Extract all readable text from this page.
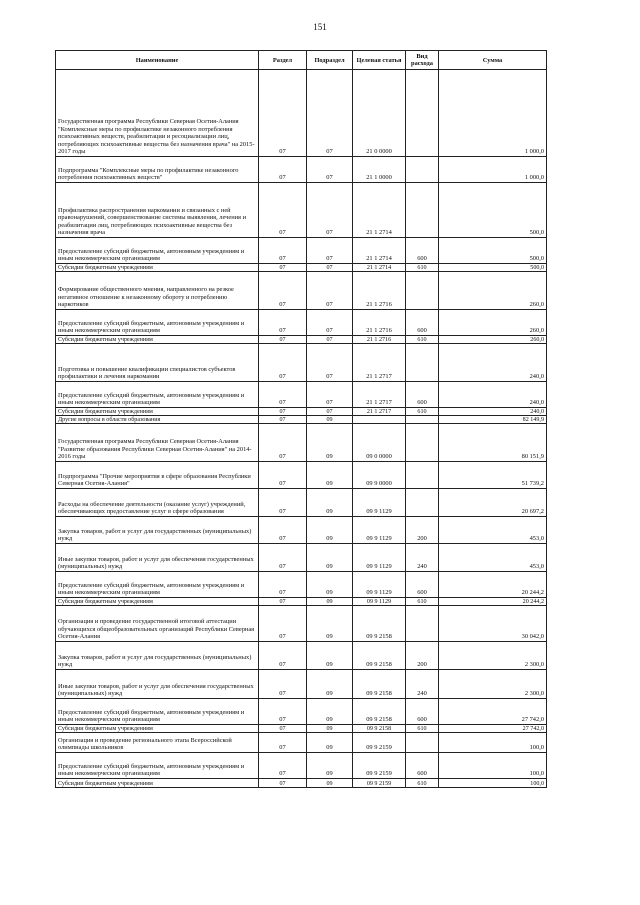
151
Наименование	Раздел	Подраздел	Целевая статья	Вид расхода	Сумма
Государственная программа Республики Северная Осетия-Алания "Комплексные меры по профилактике незаконного потребления психоактивных веществ, реабилитации и ресоциализации лиц, потребляющих психоактивные вещества без назначения врача" на 2015-2017 годы	07	07	21 0 0000		1 000,0
Подпрограмма "Комплексные меры по профилактике незаконного потребления психоактивных веществ"	07	07	21 1 0000		1 000,0
Профилактика распространения наркомании и связанных с ней правонарушений, совершенствование системы выявления, лечения и реабилитации лиц, потребляющих психоактивные вещества без назначения врача	07	07	21 1 2714		500,0
Предоставление субсидий бюджетным, автономным учреждениям и иным некоммерческим организациям	07	07	21 1 2714	600	500,0
Субсидии бюджетным учреждениям	07	07	21 1 2714	610	500,0
Формирование общественного мнения, направленного на резкое негативное отношение к незаконному обороту и потреблению наркотиков	07	07	21 1 2716		260,0
Предоставление субсидий бюджетным, автономным учреждениям и иным некоммерческим организациям	07	07	21 1 2716	600	260,0
Субсидии бюджетным учреждениям	07	07	21 1 2716	610	260,0
Подготовка и повышение квалификации специалистов субъектов профилактики и лечения наркомании	07	07	21 1 2717		240,0
Предоставление субсидий бюджетным, автономным учреждениям и иным некоммерческим организациям	07	07	21 1 2717	600	240,0
Субсидии бюджетным учреждениям	07	07	21 1 2717	610	240,0
Другие вопросы в области образования	07	09			82 149,9
Государственная программа Республики Северная Осетия-Алания "Развитие образования Республики Северная Осетия-Алания" на 2014-2016 годы	07	09	09 0 0000		80 151,9
Подпрограмма "Прочие мероприятия в сфере образования Республики Северная Осетия-Алания"	07	09	09 9 0000		51 739,2
Расходы на обеспечение деятельности (оказание услуг) учреждений, обеспечивающих предоставление услуг в сфере образования	07	09	09 9 1129		20 697,2
Закупка товаров, работ и услуг для государственных (муниципальных) нужд	07	09	09 9 1129	200	453,0
Иные закупки товаров, работ и услуг для обеспечения государственных (муниципальных) нужд	07	09	09 9 1129	240	453,0
Предоставление субсидий бюджетным, автономным учреждениям и иным некоммерческим организациям	07	09	09 9 1129	600	20 244,2
Субсидии бюджетным учреждениям	07	09	09 9 1129	610	20 244,2
Организация и проведение государственной итоговой аттестации обучающихся общеобразовательных организаций Республики Северная Осетия-Алания	07	09	09 9 2158		30 042,0
Закупка товаров, работ и услуг для государственных (муниципальных) нужд	07	09	09 9 2158	200	2 300,0
Иные закупки товаров, работ и услуг для обеспечения государственных (муниципальных) нужд	07	09	09 9 2158	240	2 300,0
Предоставление субсидий бюджетным, автономным учреждениям и иным некоммерческим организациям	07	09	09 9 2158	600	27 742,0
Субсидии бюджетным учреждениям	07	09	09 9 2158	610	27 742,0
Организация и проведение регионального этапа Всероссийской олимпиады школьников	07	09	09 9 2159		100,0
Предоставление субсидий бюджетным, автономным учреждениям и иным некоммерческим организациям	07	09	09 9 2159	600	100,0
Субсидии бюджетным учреждениям	07	09	09 9 2159	610	100,0
